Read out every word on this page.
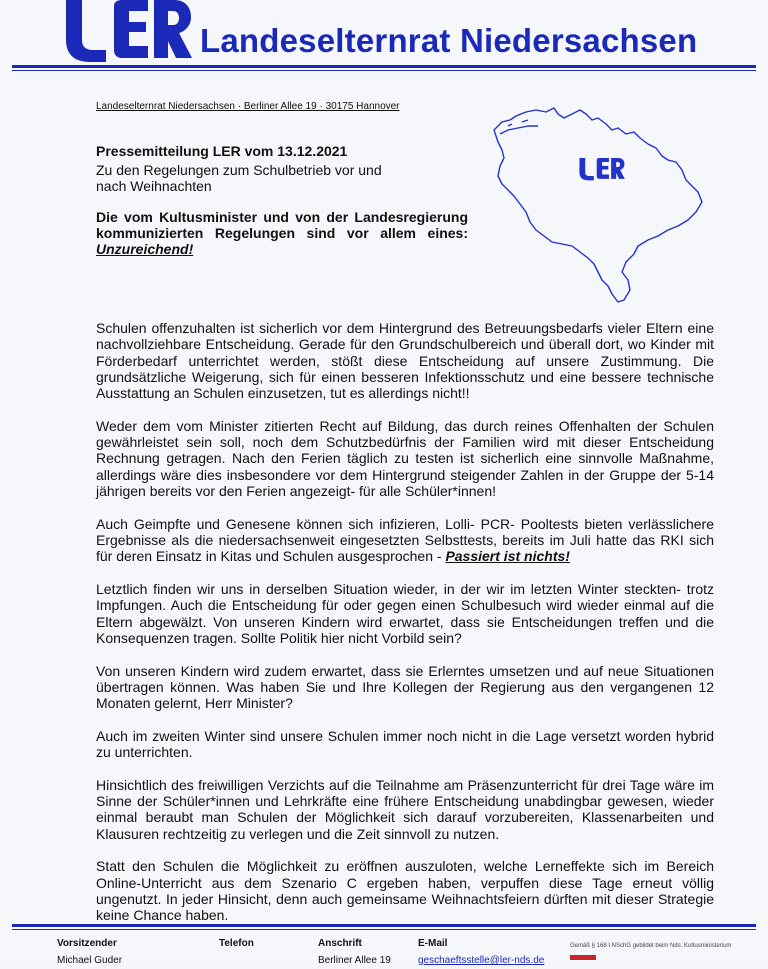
Landeselternrat Niedersachsen
Landeselternrat Niedersachsen · Berliner Allee 19 · 30175 Hannover
Pressemitteilung LER vom 13.12.2021
Zu den Regelungen zum Schulbetrieb vor und nach Weihnachten
Die vom Kultusminister und von der Landesregierung kommunizierten Regelungen sind vor allem eines: Unzureichend!

Schulen offenzuhalten ist sicherlich vor dem Hintergrund des Betreuungsbedarfs vieler Eltern eine nachvollziehbare Entscheidung. Gerade für den Grundschulbereich und überall dort, wo Kinder mit Förderbedarf unterrichtet werden, stößt diese Entscheidung auf unsere Zustimmung. Die grundsätzliche Weigerung, sich für einen besseren Infektionsschutz und eine bessere technische Ausstattung an Schulen einzusetzen, tut es allerdings nicht!!

Weder dem vom Minister zitierten Recht auf Bildung, das durch reines Offenhalten der Schulen gewährleistet sein soll, noch dem Schutzbedürfnis der Familien wird mit dieser Entscheidung Rechnung getragen. Nach den Ferien täglich zu testen ist sicherlich eine sinnvolle Maßnahme, allerdings wäre dies insbesondere vor dem Hintergrund steigender Zahlen in der Gruppe der 5-14 jährigen bereits vor den Ferien angezeigt- für alle Schüler*innen!

Auch Geimpfte und Genesene können sich infizieren, Lolli- PCR- Pooltests bieten verlässlichere Ergebnisse als die niedersachsenweit eingesetzten Selbsttests, bereits im Juli hatte das RKI sich für deren Einsatz in Kitas und Schulen ausgesprochen - Passiert ist nichts!

Letztlich finden wir uns in derselben Situation wieder, in der wir im letzten Winter steckten- trotz Impfungen. Auch die Entscheidung für oder gegen einen Schulbesuch wird wieder einmal auf die Eltern abgewälzt. Von unseren Kindern wird erwartet, dass sie Entscheidungen treffen und die Konsequenzen tragen. Sollte Politik hier nicht Vorbild sein?

Von unseren Kindern wird zudem erwartet, dass sie Erlerntes umsetzen und auf neue Situationen übertragen können. Was haben Sie und Ihre Kollegen der Regierung aus den vergangenen 12 Monaten gelernt, Herr Minister?

Auch im zweiten Winter sind unsere Schulen immer noch nicht in die Lage versetzt worden hybrid zu unterrichten.

Hinsichtlich des freiwilligen Verzichts auf die Teilnahme am Präsenzunterricht für drei Tage wäre im Sinne der Schüler*innen und Lehrkräfte eine frühere Entscheidung unabdingbar gewesen, wieder einmal beraubt man Schulen der Möglichkeit sich darauf vorzubereiten, Klassenarbeiten und Klausuren rechtzeitig zu verlegen und die Zeit sinnvoll zu nutzen.

Statt den Schulen die Möglichkeit zu eröffnen auszuloten, welche Lerneffekte sich im Bereich Online-Unterricht aus dem Szenario C ergeben haben, verpuffen diese Tage erneut völlig ungenutzt. In jeder Hinsicht, denn auch gemeinsame Weihnachtsfeiern dürften mit dieser Strategie keine Chance haben.

Vorsitzender
Michael Guder
Telefon	Anschrift
Berliner Allee 19
E-Mail
geschaeftsstelle@ler-nds.de
Gemäß § 168 I NSchG gebildet beim Nds. Kultusministerium
